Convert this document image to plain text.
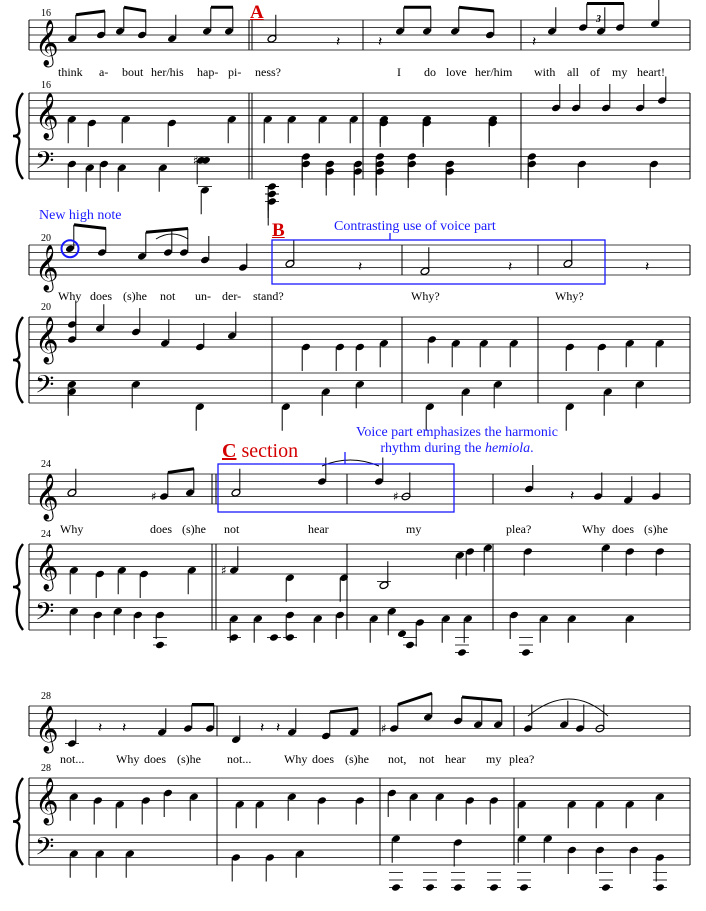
𝄞
𝄞
𝄢
𝄞
𝄞
𝄢
𝄞
𝄞
𝄢
𝄞
𝄞
𝄢
𝄽	𝄽	𝄽
♯
𝄽	𝄽	𝄽
♯	♯	𝄽
♯
𝄽 𝄽	𝄽 𝄽	♯
16
16
20
20
24
24
28
28
A
B
C section
New high note
Contrasting use of voice part
Voice part emphasizes the harmonic
rhythm during the hemiola.
3
think a- bout her/his hap- pi- ness?	I do love her/him with all of my heart!
Why does (s)he not un- der- stand?	Why?	Why?
Why	does (s)he not	hear	my	plea?	Why does (s)he
not...	Why does (s)he not...	Why does (s)he not, not hear my plea?
